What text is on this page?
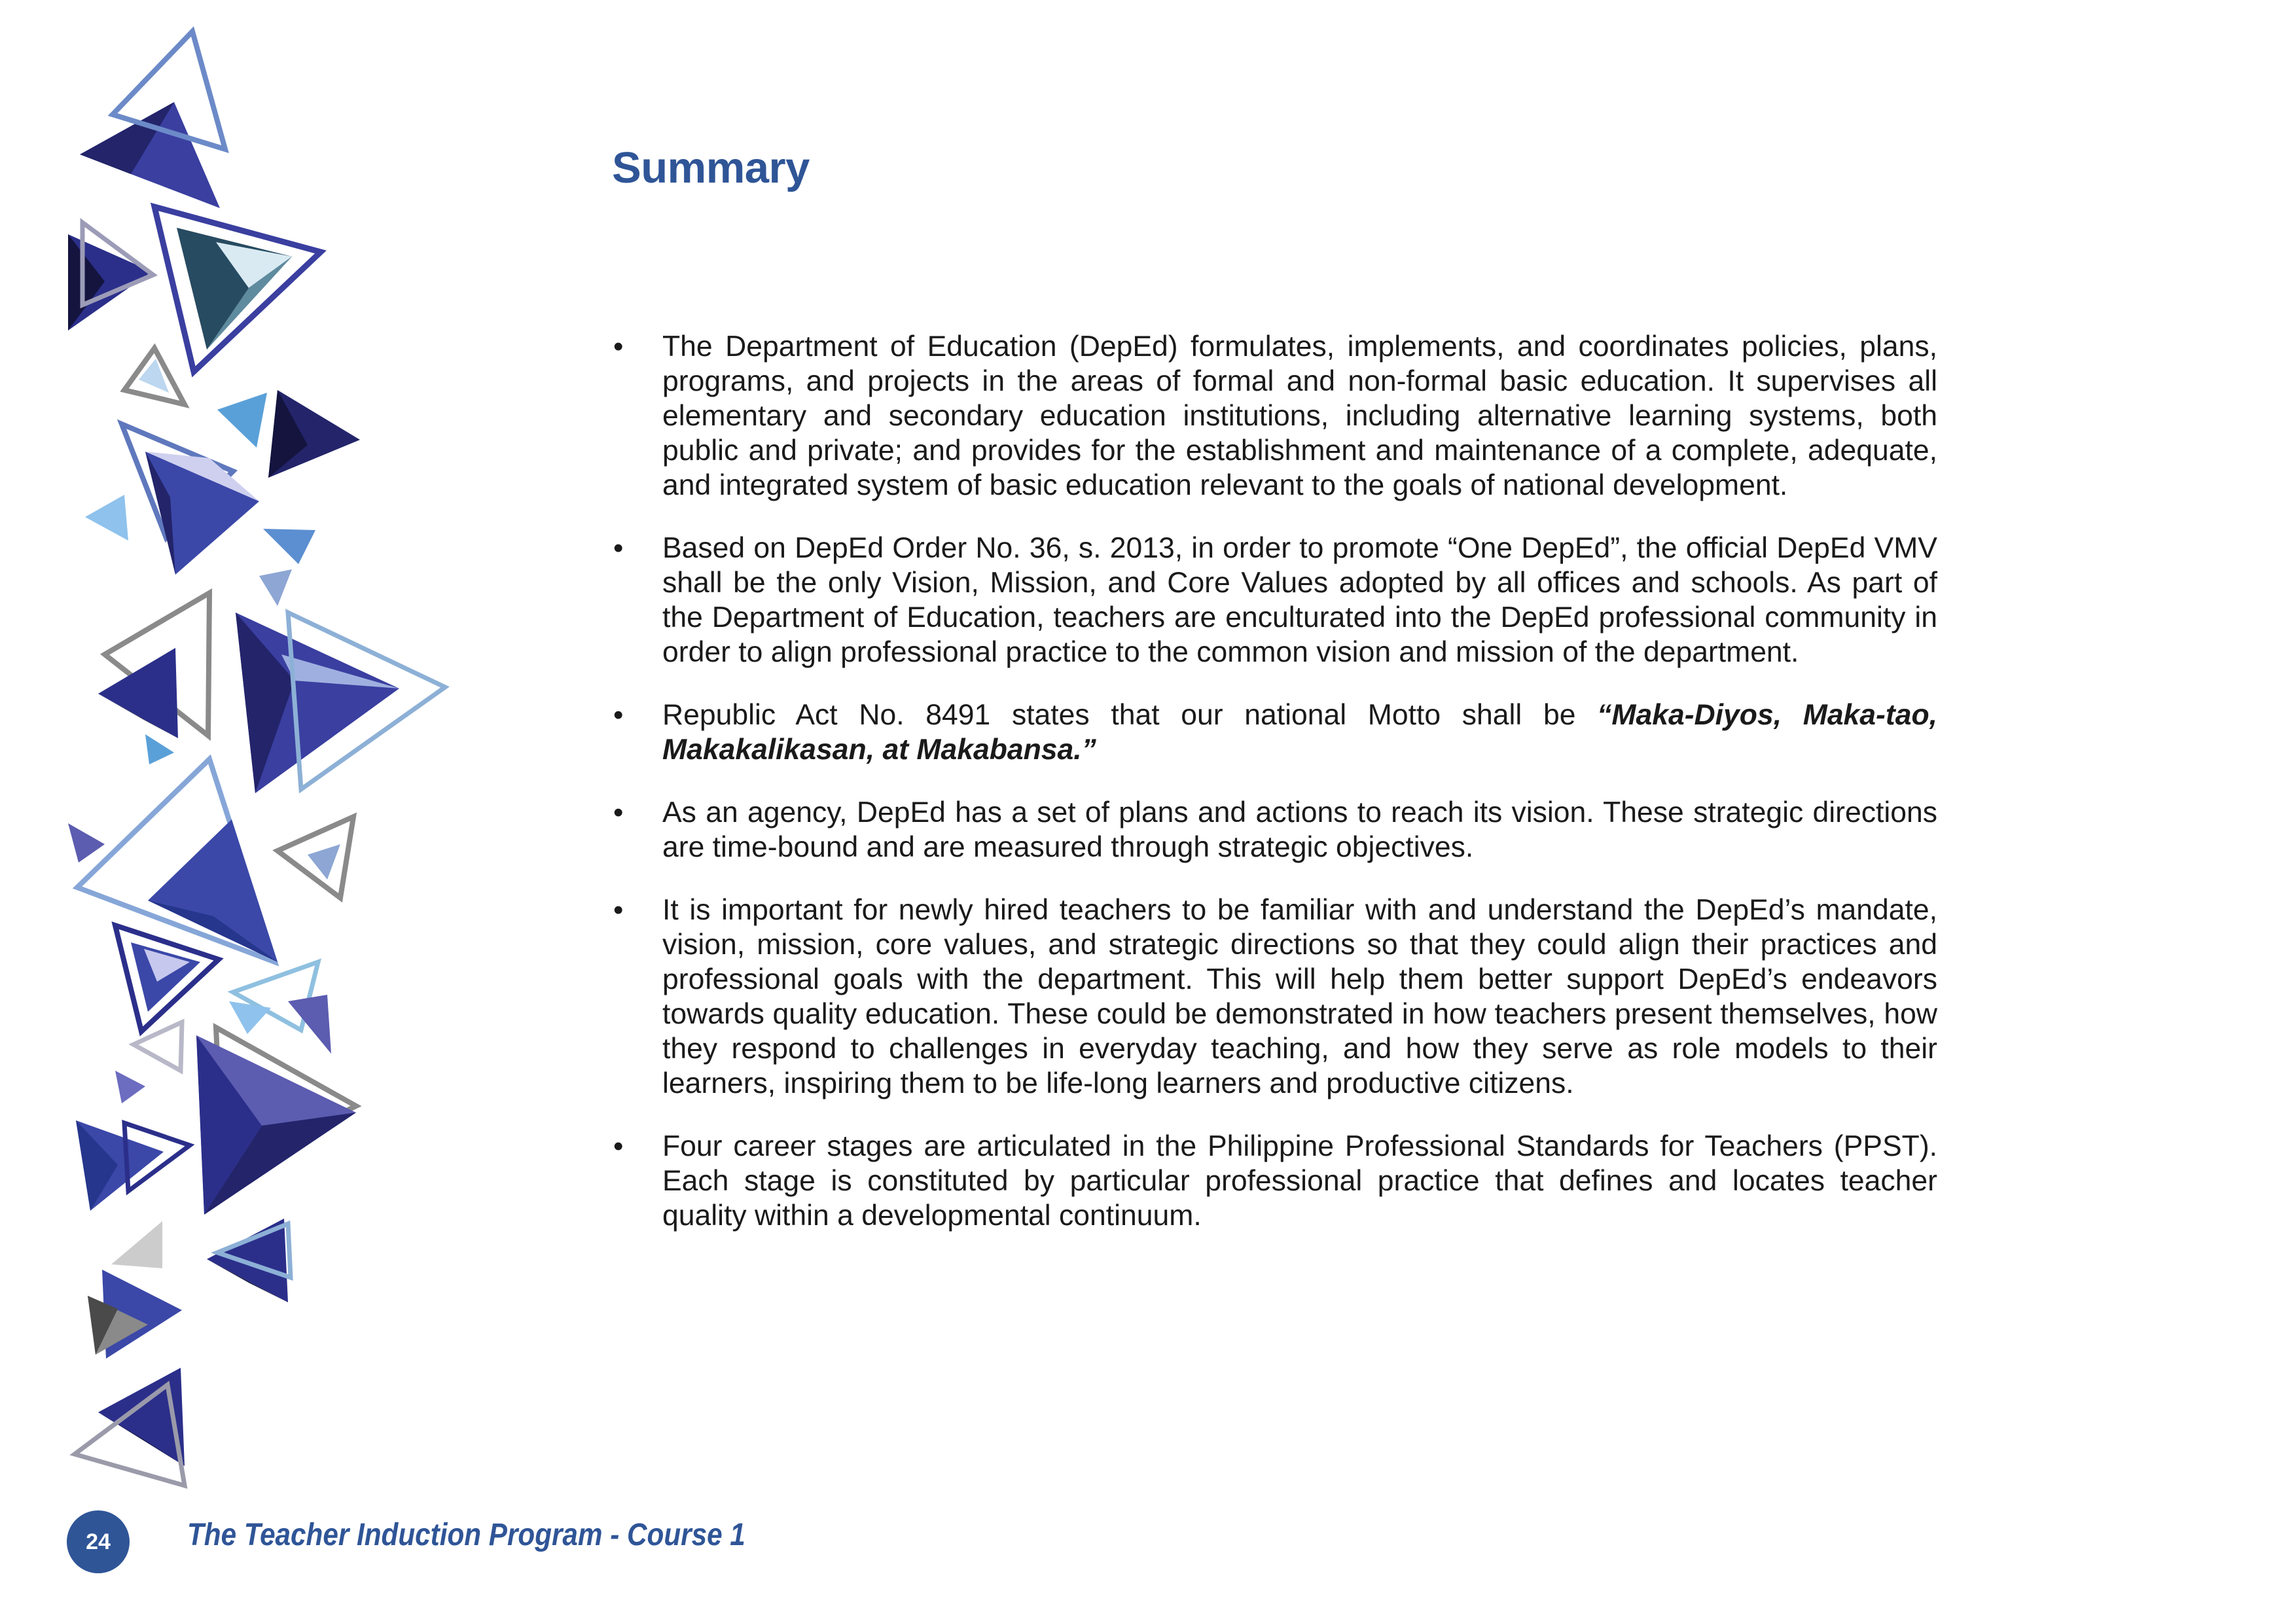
Summary
• The Department of Education (DepEd) formulates, implements, and coordinates policies, plans, programs, and projects in the areas of formal and non-formal basic education. It supervises all elementary and secondary education institutions, including alternative learning systems, both public and private; and provides for the establishment and maintenance of a complete, adequate, and integrated system of basic education relevant to the goals of national development.
• Based on DepEd Order No. 36, s. 2013, in order to promote “One DepEd”, the official DepEd VMV shall be the only Vision, Mission, and Core Values adopted by all offices and schools. As part of the Department of Education, teachers are enculturated into the DepEd professional community in order to align professional practice to the common vision and mission of the department.
• Republic Act No. 8491 states that our national Motto shall be “Maka-Diyos, Maka-tao, Makakalikasan, at Makabansa.”
• As an agency, DepEd has a set of plans and actions to reach its vision. These strategic directions are time-bound and are measured through strategic objectives.
• It is important for newly hired teachers to be familiar with and understand the DepEd’s mandate, vision, mission, core values, and strategic directions so that they could align their practices and professional goals with the department. This will help them better support DepEd’s endeavors towards quality education. These could be demonstrated in how teachers present themselves, how they respond to challenges in everyday teaching, and how they serve as role models to their learners, inspiring them to be life-long learners and productive citizens.
• Four career stages are articulated in the Philippine Professional Standards for Teachers (PPST). Each stage is constituted by particular professional practice that defines and locates teacher quality within a developmental continuum.
24 The Teacher Induction Program - Course 1
